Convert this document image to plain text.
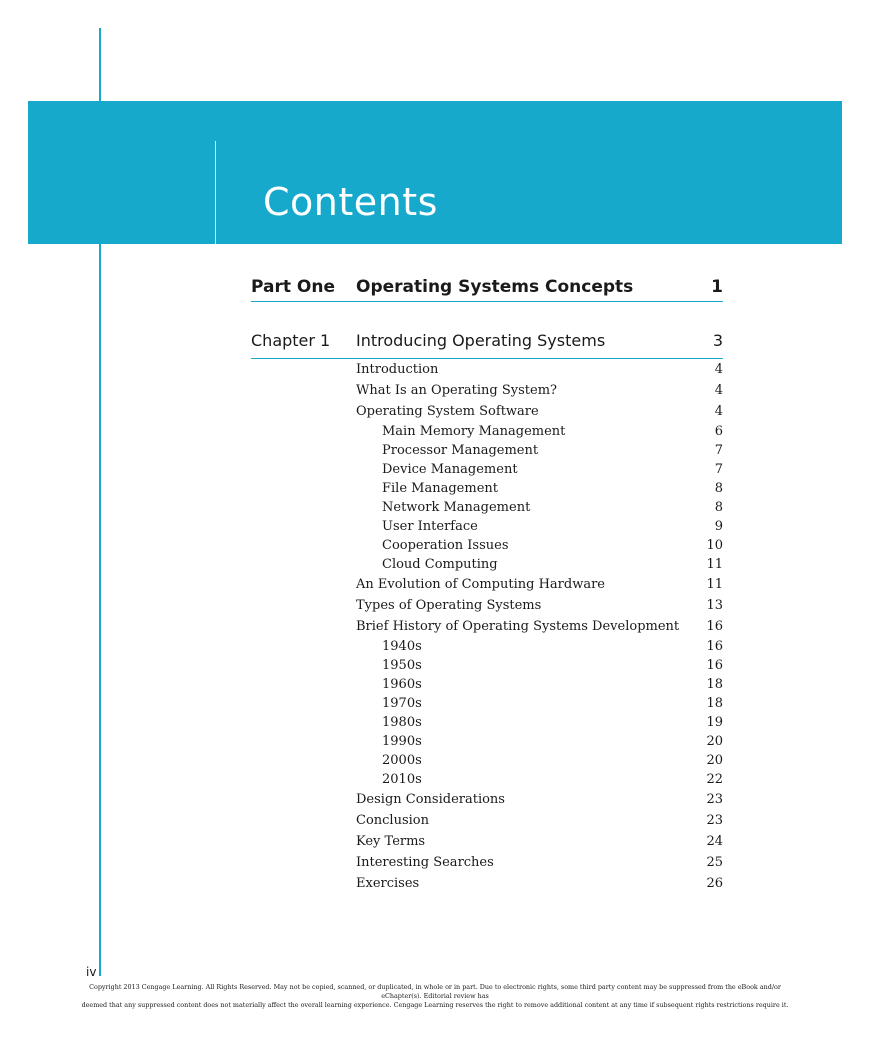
Contents
Part One Operating Systems Concepts	1
Chapter 1 Introducing Operating Systems	3
Introduction	4
What Is an Operating System?	4
Operating System Software	4
Main Memory Management	6
Processor Management	7
Device Management	7
File Management	8
Network Management	8
User Interface	9
Cooperation Issues	10
Cloud Computing	11
An Evolution of Computing Hardware	11
Types of Operating Systems	13
Brief History of Operating Systems Development 16
1940s	16
1950s	16
1960s	18
1970s	18
1980s	19
1990s	20
2000s	20
2010s	22
Design Considerations	23
Conclusion	23
Key Terms	24
Interesting Searches	25
Exercises	26
iv
Copyright 2013 Cengage Learning. All Rights Reserved. May not be copied, scanned, or duplicated, in whole or in part. Due to electronic rights, some third party content may be suppressed from the eBook and/or eChapter(s). Editorial review has
deemed that any suppressed content does not materially affect the overall learning experience. Cengage Learning reserves the right to remove additional content at any time if subsequent rights restrictions require it.
